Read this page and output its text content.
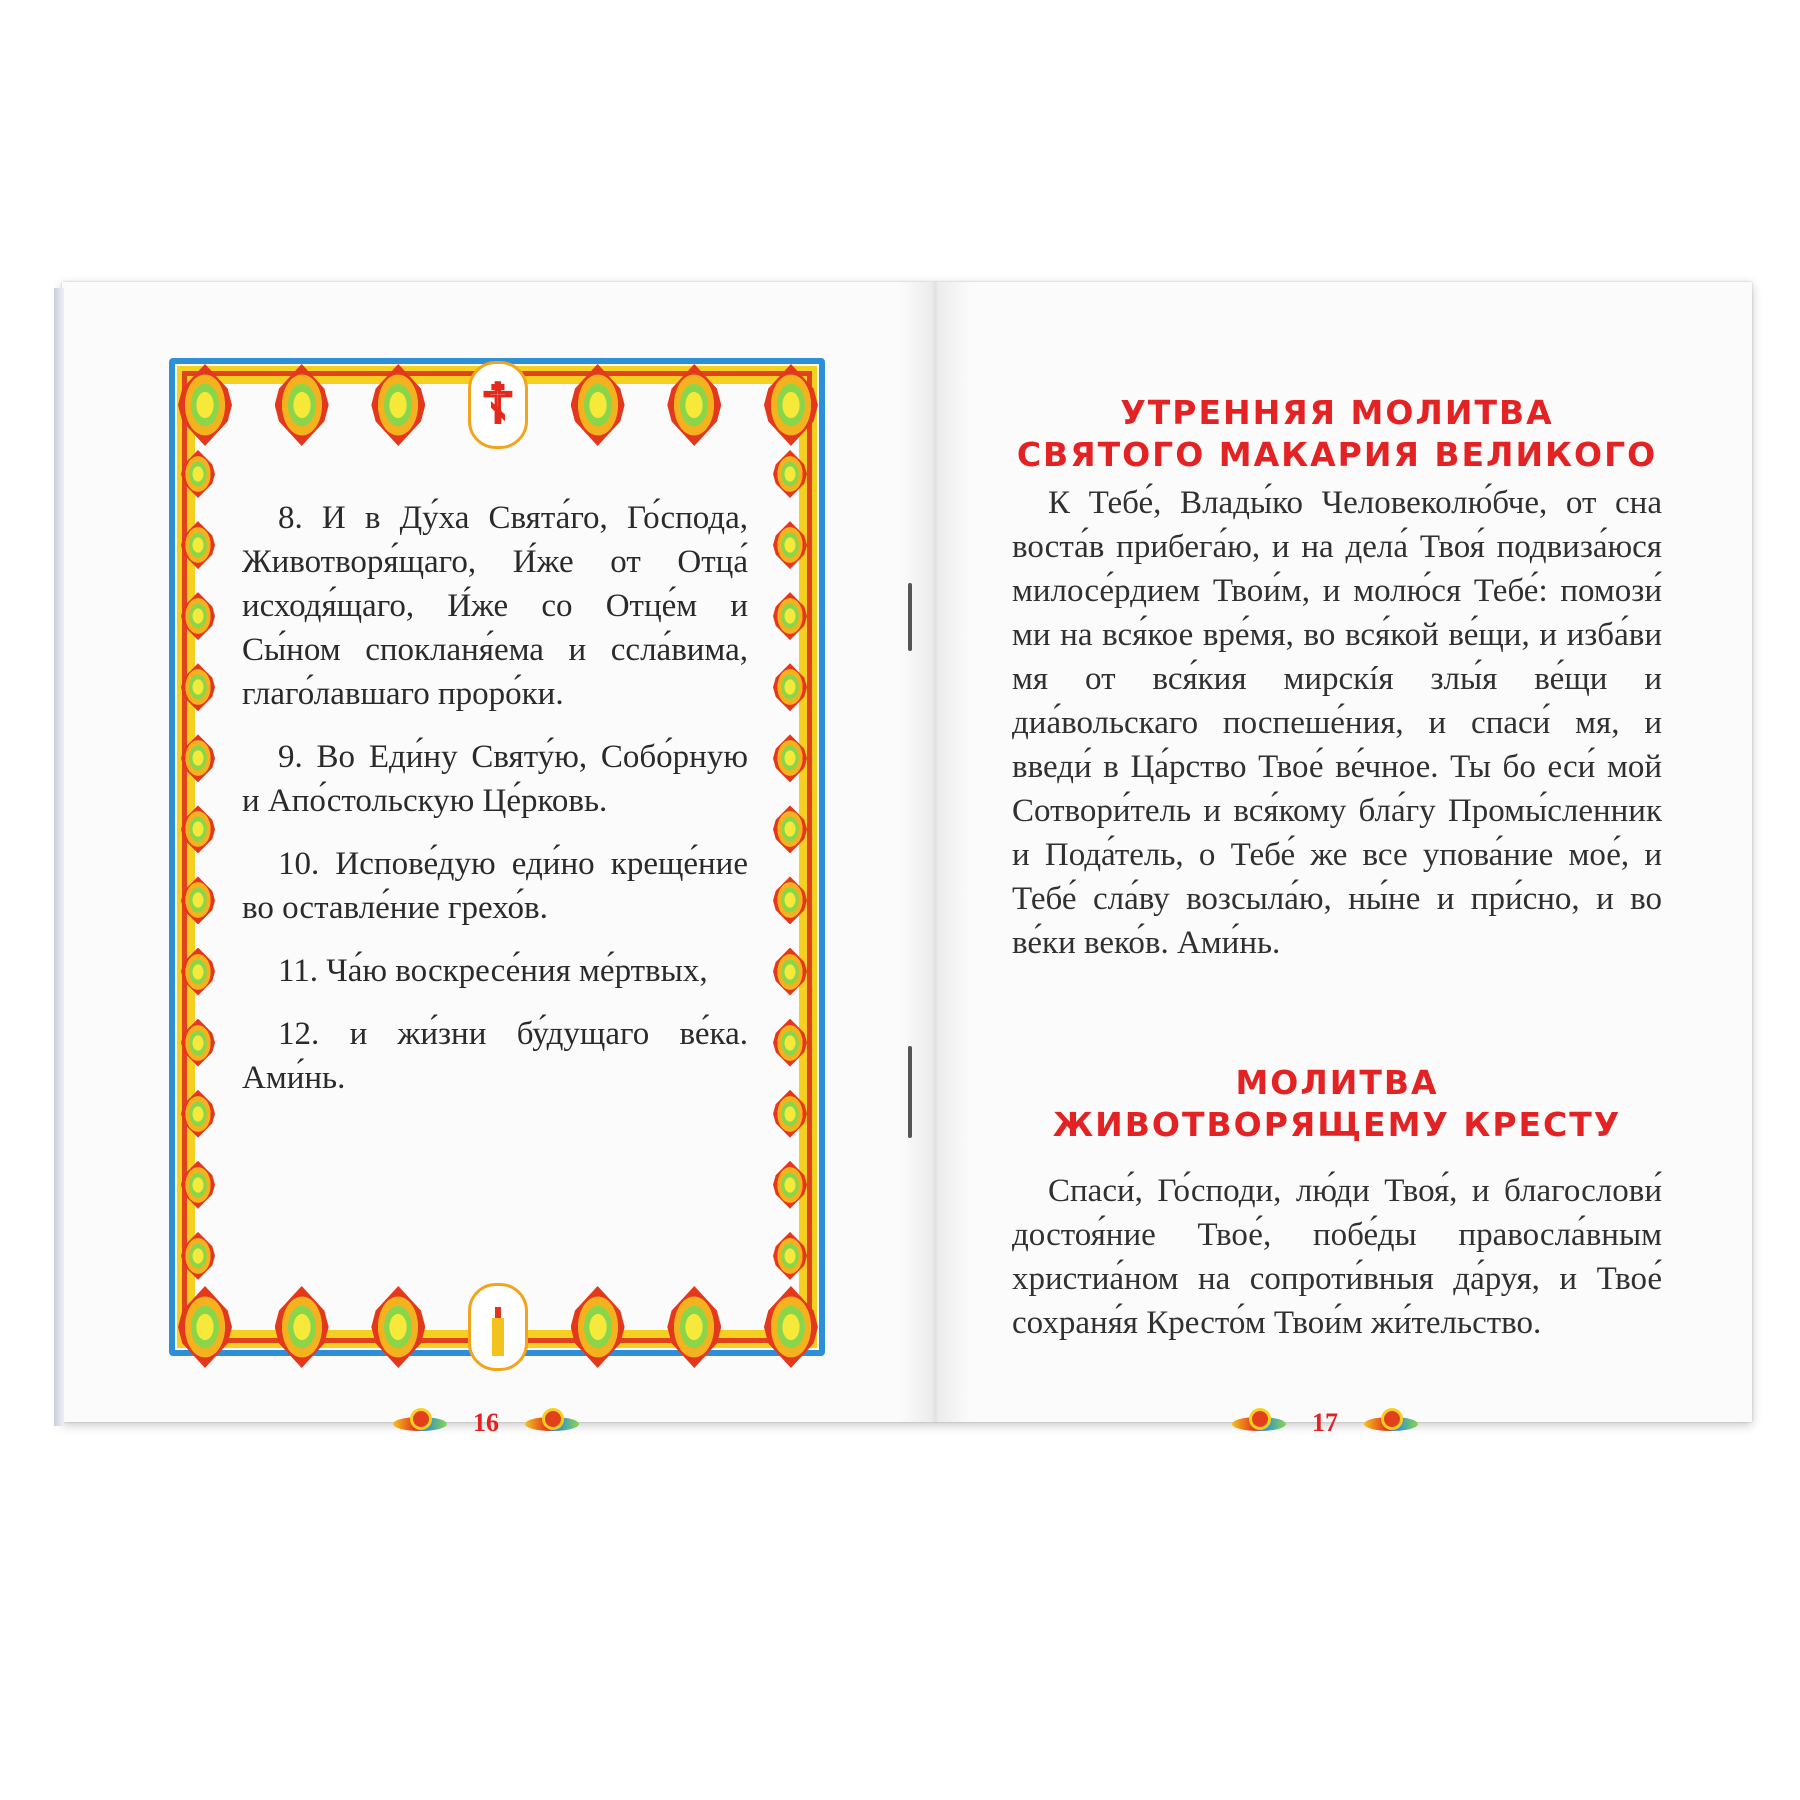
☦

8. И в Ду́ха Свята́го, Го́спода, Животворя́щаго, И́же от Отца́ исходя́щаго, И́же со Отце́м и Сы́ном спокланя́ема и ссла́вима, глаго́лавшаго проро́ки.

9. Во Еди́ну Святу́ю, Собо́рную и Апо́стольскую Це́рковь.

10. Испове́дую еди́но креще́ние во оставле́ние грехо́в.

11. Ча́ю воскресе́ния ме́ртвых,

12. и жи́зни бу́дущаго ве́ка. Ами́нь.

16
УТРЕННЯЯ МОЛИТВА
СВЯТОГО МАКАРИЯ ВЕЛИКОГО

К Тебе́, Влады́ко Человеколю́бче, от сна воста́в прибега́ю, и на дела́ Твоя́ подвиза́юся милосе́рдием Твои́м, и молю́ся Тебе́: помози́ ми на вся́кое вре́мя, во вся́кой ве́щи, и изба́ви мя от вся́кия мирскíя злы́я ве́щи и диа́вольскаго поспеше́ния, и спаси́ мя, и введи́ в Ца́рство Твое́ ве́чное. Ты бо еси́ мой Сотвори́тель и вся́кому бла́гу Промы́сленник и Пода́тель, о Тебе́ же все упова́ние мое́, и Тебе́ сла́ву возсыла́ю, ны́не и при́сно, и во ве́ки веко́в. Ами́нь.

МОЛИТВА
ЖИВОТВОРЯЩЕМУ КРЕСТУ

Спаси́, Го́споди, лю́ди Твоя́, и благослови́ достоя́ние Твое́, побе́ды правосла́вным христиа́ном на сопроти́вныя да́руя, и Твое́ сохраня́я Кресто́м Твои́м жи́тельство.

17
